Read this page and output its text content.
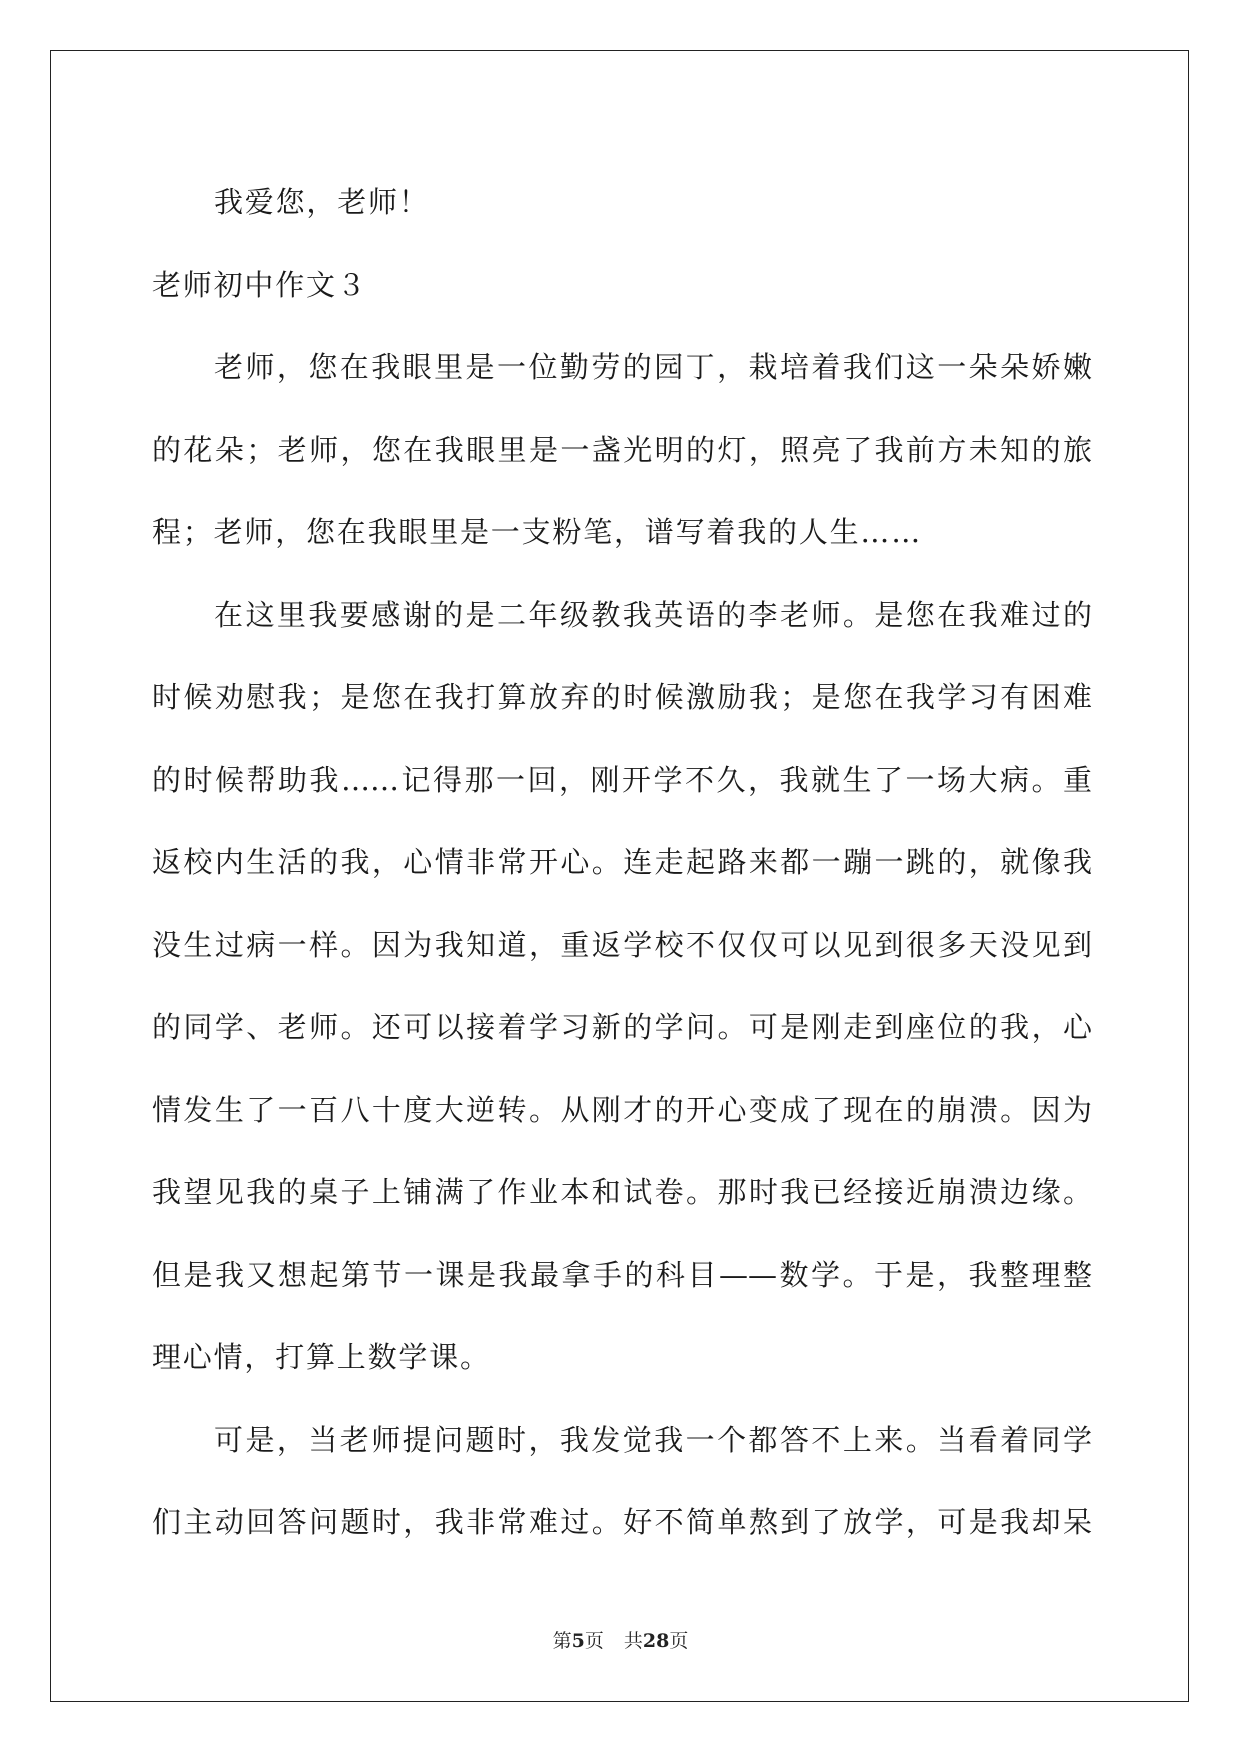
我爱您，老师！
老师初中作文３
老师，您在我眼里是一位勤劳的园丁，栽培着我们这一朵朵娇嫩
的花朵；老师，您在我眼里是一盏光明的灯，照亮了我前方未知的旅
程；老师，您在我眼里是一支粉笔，谱写着我的人生……
在这里我要感谢的是二年级教我英语的李老师。是您在我难过的
时候劝慰我；是您在我打算放弃的时候激励我；是您在我学习有困难
的时候帮助我……记得那一回，刚开学不久，我就生了一场大病。重
返校内生活的我，心情非常开心。连走起路来都一蹦一跳的，就像我
没生过病一样。因为我知道，重返学校不仅仅可以见到很多天没见到
的同学、老师。还可以接着学习新的学问。可是刚走到座位的我，心
情发生了一百八十度大逆转。从刚才的开心变成了现在的崩溃。因为
我望见我的桌子上铺满了作业本和试卷。那时我已经接近崩溃边缘。
但是我又想起第节一课是我最拿手的科目——数学。于是，我整理整
理心情，打算上数学课。
可是，当老师提问题时，我发觉我一个都答不上来。当看着同学
们主动回答问题时，我非常难过。好不简单熬到了放学，可是我却呆
第5页 共28页
